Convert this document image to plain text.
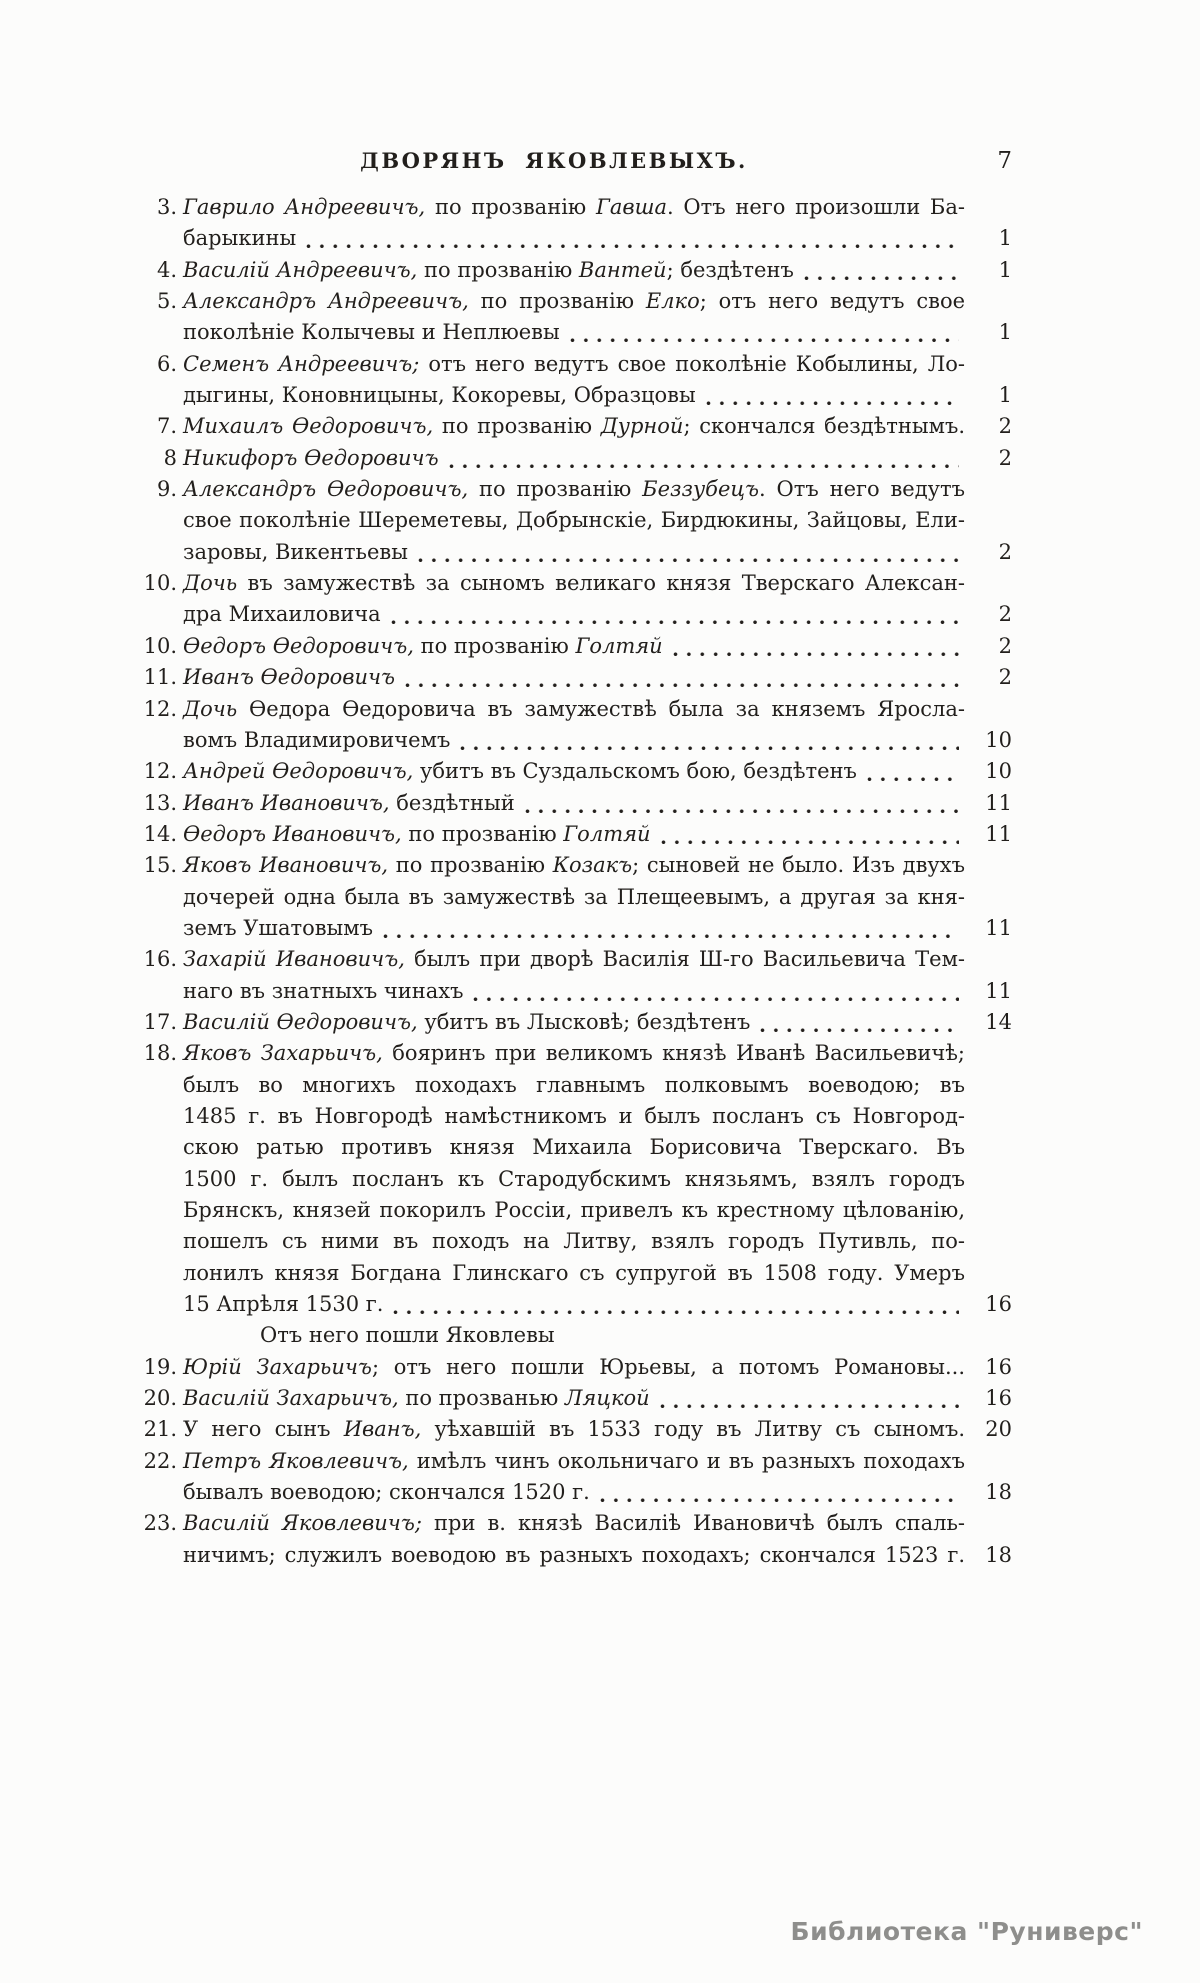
ДВОРЯНЪ ЯКОВЛЕВЫХЪ.	7
3. Гаврило Андреевичъ, по прозванію Гавша. Отъ него произошли Ба-
барыкины	1
4. Василій Андреевичъ, по прозванію Вантей; бездѣтенъ	1
5. Александръ Андреевичъ, по прозванію Елко; отъ него ведутъ свое
поколѣніе Колычевы и Неплюевы	1
6. Семенъ Андреевичъ; отъ него ведутъ свое поколѣніе Кобылины, Ло-
дыгины, Коновницыны, Кокоревы, Образцовы	1
7. Михаилъ Ѳедоровичъ, по прозванію Дурной; скончался бездѣтнымъ.	2
8 Никифоръ Ѳедоровичъ	2
9. Александръ Ѳедоровичъ, по прозванію Беззубецъ. Отъ него ведутъ
свое поколѣніе Шереметевы, Добрынскіе, Бирдюкины, Зайцовы, Ели-
заровы, Викентьевы	2
10. Дочь въ замужествѣ за сыномъ великаго князя Тверскаго Алексан-
дра Михаиловича	2
10. Ѳедоръ Ѳедоровичъ, по прозванію Голтяй	2
11. Иванъ Ѳедоровичъ	2
12. Дочь Ѳедора Ѳедоровича въ замужествѣ была за княземъ Яросла-
вомъ Владимировичемъ	10
12. Андрей Ѳедоровичъ, убитъ въ Суздальскомъ бою, бездѣтенъ	10
13. Иванъ Ивановичъ, бездѣтный	11
14. Ѳедоръ Ивановичъ, по прозванію Голтяй	11
15. Яковъ Ивановичъ, по прозванію Козакъ; сыновей не было. Изъ двухъ
дочерей одна была въ замужествѣ за Плещеевымъ, а другая за кня-
земъ Ушатовымъ	11
16. Захарій Ивановичъ, былъ при дворѣ Василія Ш-го Васильевича Тем-
наго въ знатныхъ чинахъ	11
17. Василій Ѳедоровичъ, убитъ въ Лысковѣ; бездѣтенъ	14
18. Яковъ Захарьичъ, бояринъ при великомъ князѣ Иванѣ Васильевичѣ;
былъ во многихъ походахъ главнымъ полковымъ воеводою; въ
1485 г. въ Новгородѣ намѣстникомъ и былъ посланъ съ Новгород-
скою ратью противъ князя Михаила Борисовича Тверскаго. Въ
1500 г. былъ посланъ къ Стародубскимъ князьямъ, взялъ городъ
Брянскъ, князей покорилъ Россіи, привелъ къ крестному цѣлованію,
пошелъ съ ними въ походъ на Литву, взялъ городъ Путивль, по-
лонилъ князя Богдана Глинскаго съ супругой въ 1508 году. Умеръ
15 Апрѣля 1530 г.	16
Отъ него пошли Яковлевы
19. Юрій Захарьичъ; отъ него пошли Юрьевы, а потомъ Романовы... 16
20. Василій Захарьичъ, по прозванью Ляцкой	16
21. У него сынъ Иванъ, уѣхавшій въ 1533 году въ Литву съ сыномъ. 20
22. Петръ Яковлевичъ, имѣлъ чинъ окольничаго и въ разныхъ походахъ
бывалъ воеводою; скончался 1520 г.	18
23. Василій Яковлевичъ; при в. князѣ Василіѣ Ивановичѣ былъ спаль-
ничимъ; служилъ воеводою въ разныхъ походахъ; скончался 1523 г. 18
Библиотека "Руниверс"
